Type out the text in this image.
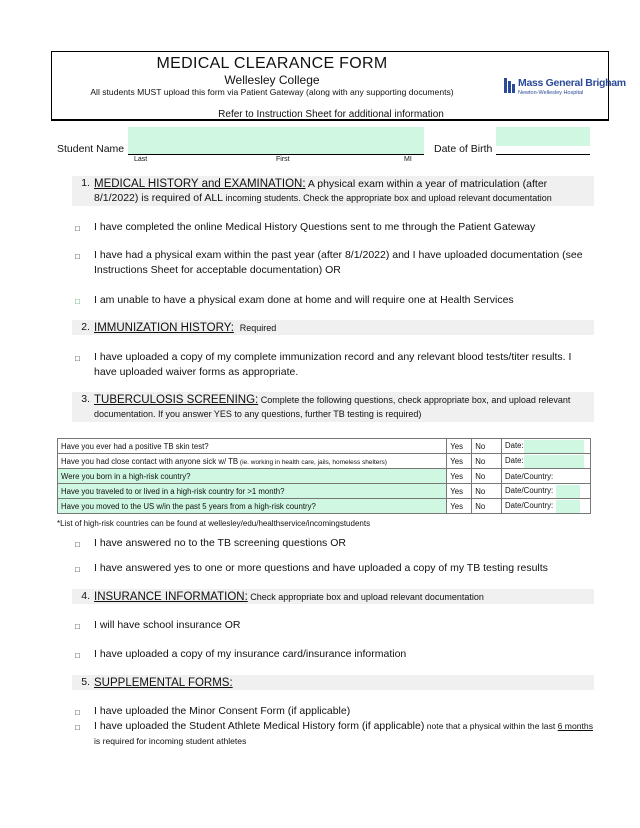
MEDICAL CLEARANCE FORM
Wellesley College
All students MUST upload this form via Patient Gateway (along with any supporting documents)
Refer to Instruction Sheet for additional information
Mass General Brigham
Newton-Wellesley Hospital
Student Name
Last	First	MI
Date of Birth
1. MEDICAL HISTORY and EXAMINATION: A physical exam within a year of matriculation (after 8/1/2022) is required of ALL incoming students. Check the appropriate box and upload relevant documentation
□ I have completed the online Medical History Questions sent to me through the Patient Gateway
□ I have had a physical exam within the past year (after 8/1/2022) and I have uploaded documentation (see Instructions Sheet for acceptable documentation) OR
□ I am unable to have a physical exam done at home and will require one at Health Services
2. IMMUNIZATION HISTORY: Required
□ I have uploaded a copy of my complete immunization record and any relevant blood tests/titer results. I have uploaded waiver forms as appropriate.
3. TUBERCULOSIS SCREENING: Complete the following questions, check appropriate box, and upload relevant documentation. If you answer YES to any questions, further TB testing is required)
Have you ever had a positive TB skin test?	Yes	No	Date:
Have you had close contact with anyone sick w/ TB (ie. working in health care, jails, homeless shelters)	Yes	No	Date:
Were you born in a high-risk country?	Yes	No	Date/Country:
Have you traveled to or lived in a high-risk country for >1 month?	Yes	No	Date/Country:
Have you moved to the US w/in the past 5 years from a high-risk country?	Yes	No	Date/Country:
*List of high-risk countries can be found at wellesley/edu/healthservice/incomingstudents
□ I have answered no to the TB screening questions OR
□ I have answered yes to one or more questions and have uploaded a copy of my TB testing results
4. INSURANCE INFORMATION: Check appropriate box and upload relevant documentation
□ I will have school insurance OR
□ I have uploaded a copy of my insurance card/insurance information
5. SUPPLEMENTAL FORMS:
□ I have uploaded the Minor Consent Form (if applicable)
□ I have uploaded the Student Athlete Medical History form (if applicable) note that a physical within the last 6 months is required for incoming student athletes
